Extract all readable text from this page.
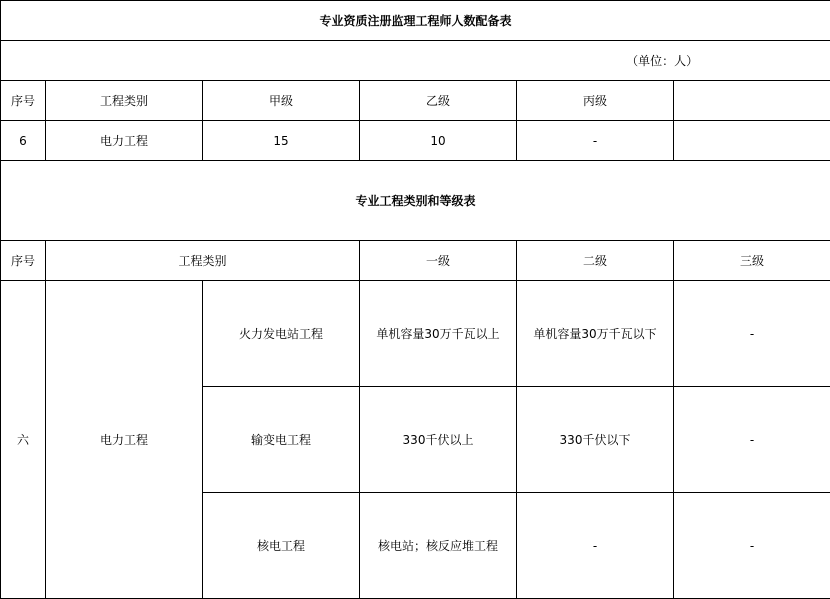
专业资质注册监理工程师人数配备表					
（单位：人）					
序号	工程类别	甲级	乙级	丙级	
6	电力工程	15	10	-	
专业工程类别和等级表					
序号	工程类别		一级	二级	三级
六	电力工程	火力发电站工程	单机容量30万千瓦以上	单机容量30万千瓦以下	-
		输变电工程	330千伏以上	330千伏以下	-
		核电工程	核电站；核反应堆工程	-	-
